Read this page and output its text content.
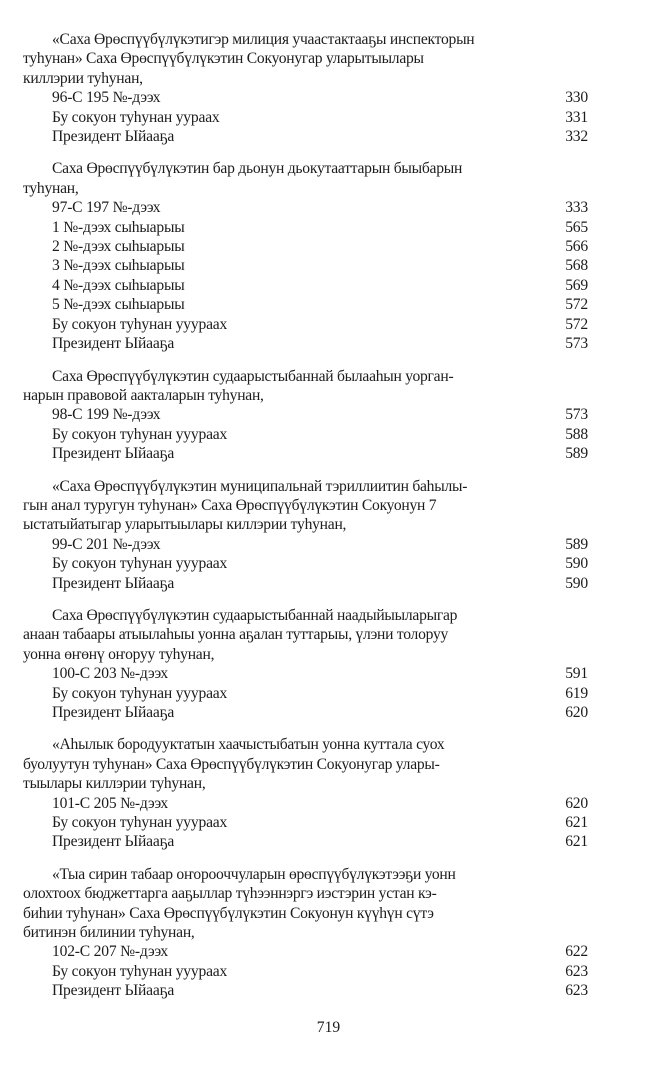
«Саха Өрөспүүбүлүкэтигэр милиция учаастактааҕы инспекторын
туһунан» Саха Өрөспүүбүлүкэтин Сокуонугар уларытыылары
киллэрии туһунан,
96-С 195 №-дээх	330
Бу сокуон туһунан уураах	331
Президент Ыйааҕа	332
Саха Өрөспүүбүлүкэтин бар дьонун дьокутааттарын быыбарын
туһунан,
97-С 197 №-дээх	333
1 №-дээх сыһыарыы	565
2 №-дээх сыһыарыы	566
3 №-дээх сыһыарыы	568
4 №-дээх сыһыарыы	569
5 №-дээх сыһыарыы	572
Бу сокуон туһунан ууураах	572
Президент Ыйааҕа	573
Саха Өрөспүүбүлүкэтин судаарыстыбаннай былааһын уорган-
нарын правовой аакталарын туһунан,
98-С 199 №-дээх	573
Бу сокуон туһунан ууураах	588
Президент Ыйааҕа	589
«Саха Өрөспүүбүлүкэтин муниципальнай тэриллиитин баһылы-
гын анал туругун туһунан» Саха Өрөспүүбүлүкэтин Сокуонун 7
ыстатыйатыгар уларытыылары киллэрии туһунан,
99-С 201 №-дээх	589
Бу сокуон туһунан ууураах	590
Президент Ыйааҕа	590
Саха Өрөспүүбүлүкэтин судаарыстыбаннай наадыйыыларыгар
анаан табаары атыылаһыы уонна аҕалан туттарыы, үлэни толоруу
уонна өҥөнү оҥоруу туһунан,
100-С 203 №-дээх	591
Бу сокуон туһунан ууураах	619
Президент Ыйааҕа	620
«Аһылык бородууктатын хаачыстыбатын уонна куттала суох
буолуутун туһунан» Саха Өрөспүүбүлүкэтин Сокуонугар улары-
тыылары киллэрии туһунан,
101-С 205 №-дээх	620
Бу сокуон туһунан ууураах	621
Президент Ыйааҕа	621
«Тыа сирин табаар оҥорооччуларын өрөспүүбүлүкэтээҕи уонн
олохтоох бюджеттарга ааҕыллар түһээннэргэ иэстэрин устан кэ-
биһии туһунан» Саха Өрөспүүбүлүкэтин Сокуонун күүһүн сүтэ
битинэн билинии туһунан,
102-С 207 №-дээх	622
Бу сокуон туһунан ууураах	623
Президент Ыйааҕа	623
719
